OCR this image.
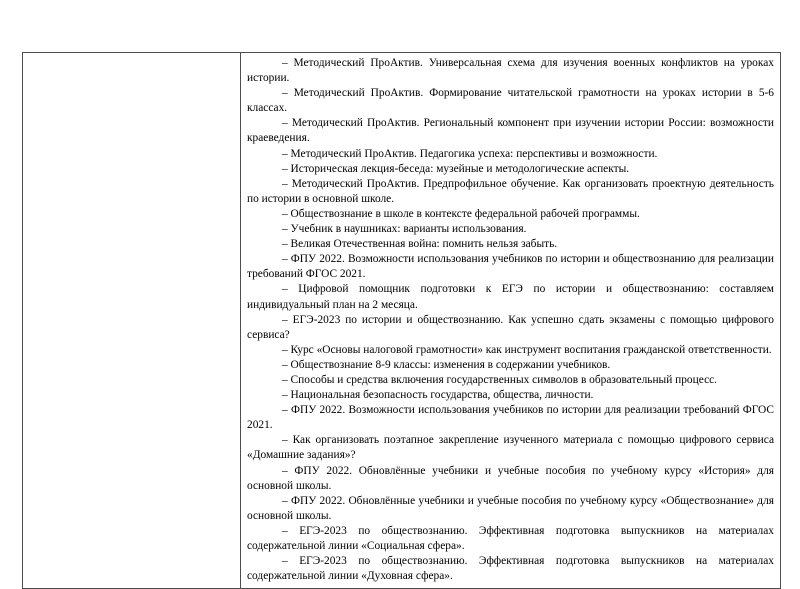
– Методический ПроАктив. Универсальная схема для изучения военных конфликтов на уроках истории.

– Методический ПроАктив. Формирование читательской грамотности на уроках истории в 5-6 классах.

– Методический ПроАктив. Региональный компонент при изучении истории России: возможности краеведения.

– Методический ПроАктив. Педагогика успеха: перспективы и возможности.

– Историческая лекция-беседа: музейные и методологические аспекты.

– Методический ПроАктив. Предпрофильное обучение. Как организовать проектную деятельность по истории в основной школе.

– Обществознание в школе в контексте федеральной рабочей программы.

– Учебник в наушниках: варианты использования.

– Великая Отечественная война: помнить нельзя забыть.

– ФПУ 2022. Возможности использования учебников по истории и обществознанию для реализации требований ФГОС 2021.

– Цифровой помощник подготовки к ЕГЭ по истории и обществознанию: составляем индивидуальный план на 2 месяца.

– ЕГЭ-2023 по истории и обществознанию. Как успешно сдать экзамены с помощью цифрового сервиса?

– Курс «Основы налоговой грамотности» как инструмент воспитания гражданской ответственности.

– Обществознание 8-9 классы: изменения в содержании учебников.

– Способы и средства включения государственных символов в образовательный процесс.

– Национальная безопасность государства, общества, личности.

– ФПУ 2022. Возможности использования учебников по истории для реализации требований ФГОС 2021.

– Как организовать поэтапное закрепление изученного материала с помощью цифрового сервиса «Домашние задания»?

– ФПУ 2022. Обновлённые учебники и учебные пособия по учебному курсу «История» для основной школы.

– ФПУ 2022. Обновлённые учебники и учебные пособия по учебному курсу «Обществознание» для основной школы.

– ЕГЭ-2023 по обществознанию. Эффективная подготовка выпускников на материалах содержательной линии «Социальная сфера».

– ЕГЭ-2023 по обществознанию. Эффективная подготовка выпускников на материалах содержательной линии «Духовная сфера».
